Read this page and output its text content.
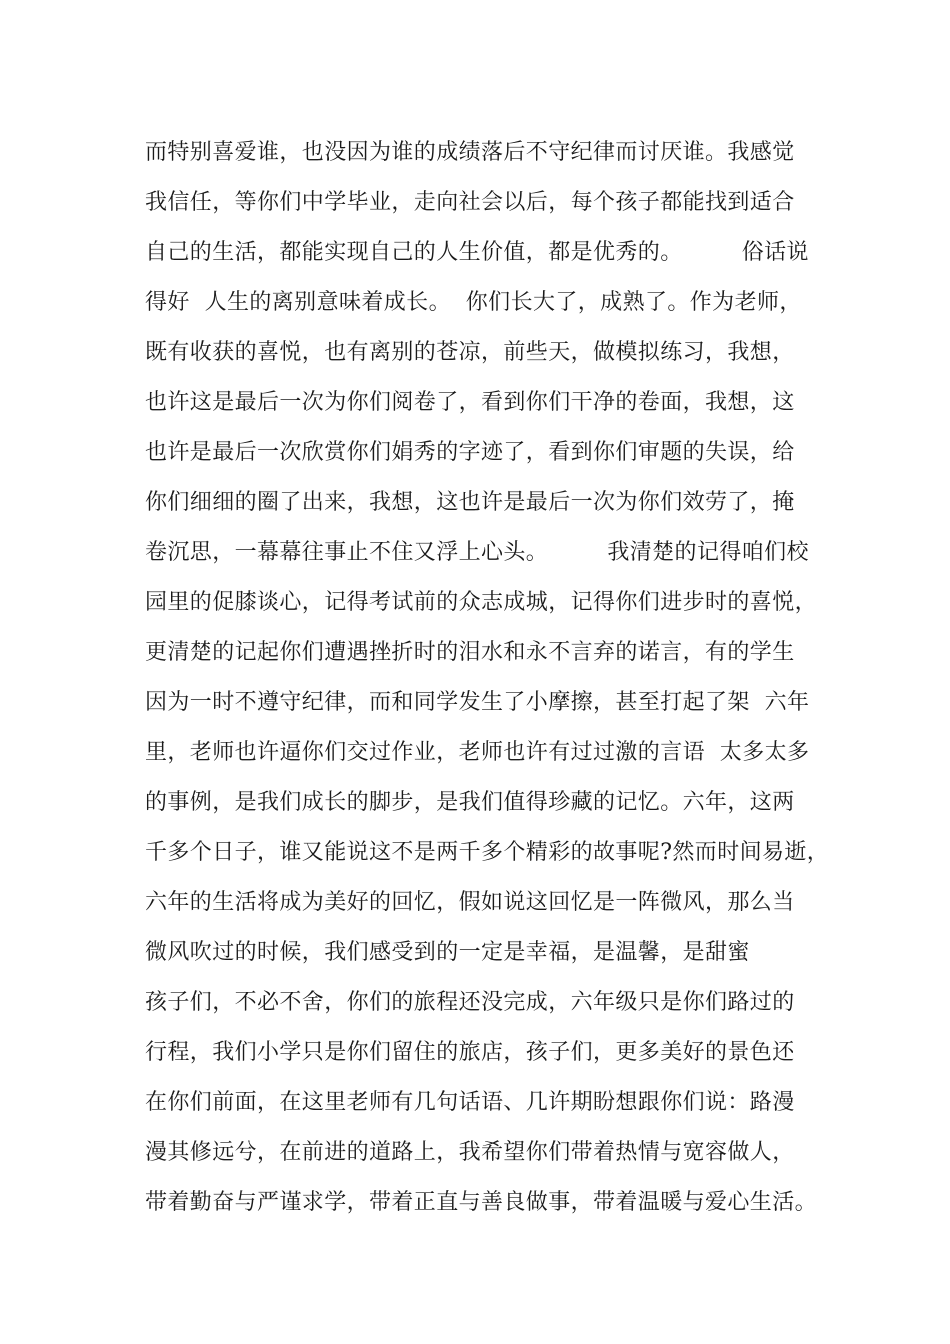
而特别喜爱谁，也没因为谁的成绩落后不守纪律而讨厌谁。我感觉
我信任，等你们中学毕业，走向社会以后，每个孩子都能找到适合
自己的生活，都能实现自己的人生价值，都是优秀的。        俗话说
得好  人生的离别意味着成长。  你们长大了，成熟了。作为老师，
既有收获的喜悦，也有离别的苍凉，前些天，做模拟练习，我想，
也许这是最后一次为你们阅卷了，看到你们干净的卷面，我想，这
也许是最后一次欣赏你们娟秀的字迹了，看到你们审题的失误，给
你们细细的圈了出来，我想，这也许是最后一次为你们效劳了，掩
卷沉思，一幕幕往事止不住又浮上心头。        我清楚的记得咱们校
园里的促膝谈心，记得考试前的众志成城，记得你们进步时的喜悦，
更清楚的记起你们遭遇挫折时的泪水和永不言弃的诺言，有的学生
因为一时不遵守纪律，而和同学发生了小摩擦，甚至打起了架  六年
里，老师也许逼你们交过作业，老师也许有过过激的言语  太多太多
的事例，是我们成长的脚步，是我们值得珍藏的记忆。六年，这两
千多个日子，谁又能说这不是两千多个精彩的故事呢?然而时间易逝，
六年的生活将成为美好的回忆，假如说这回忆是一阵微风，那么当
微风吹过的时候，我们感受到的一定是幸福，是温馨，是甜蜜
孩子们，不必不舍，你们的旅程还没完成，六年级只是你们路过的
行程，我们小学只是你们留住的旅店，孩子们，更多美好的景色还
在你们前面，在这里老师有几句话语、几许期盼想跟你们说：路漫
漫其修远兮，在前进的道路上，我希望你们带着热情与宽容做人，
带着勤奋与严谨求学，带着正直与善良做事，带着温暖与爱心生活。
